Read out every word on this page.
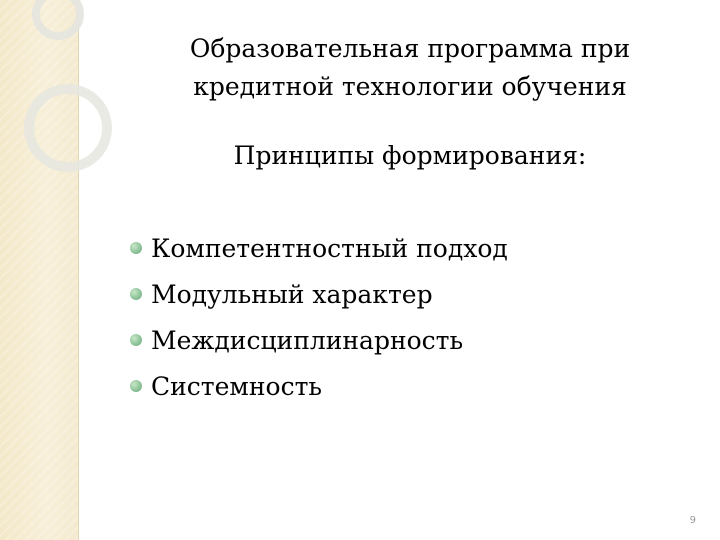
Образовательная программа при
кредитной технологии обучения
Принципы формирования:
Компетентностный подход
Модульный характер
Междисциплинарность
Системность
9
